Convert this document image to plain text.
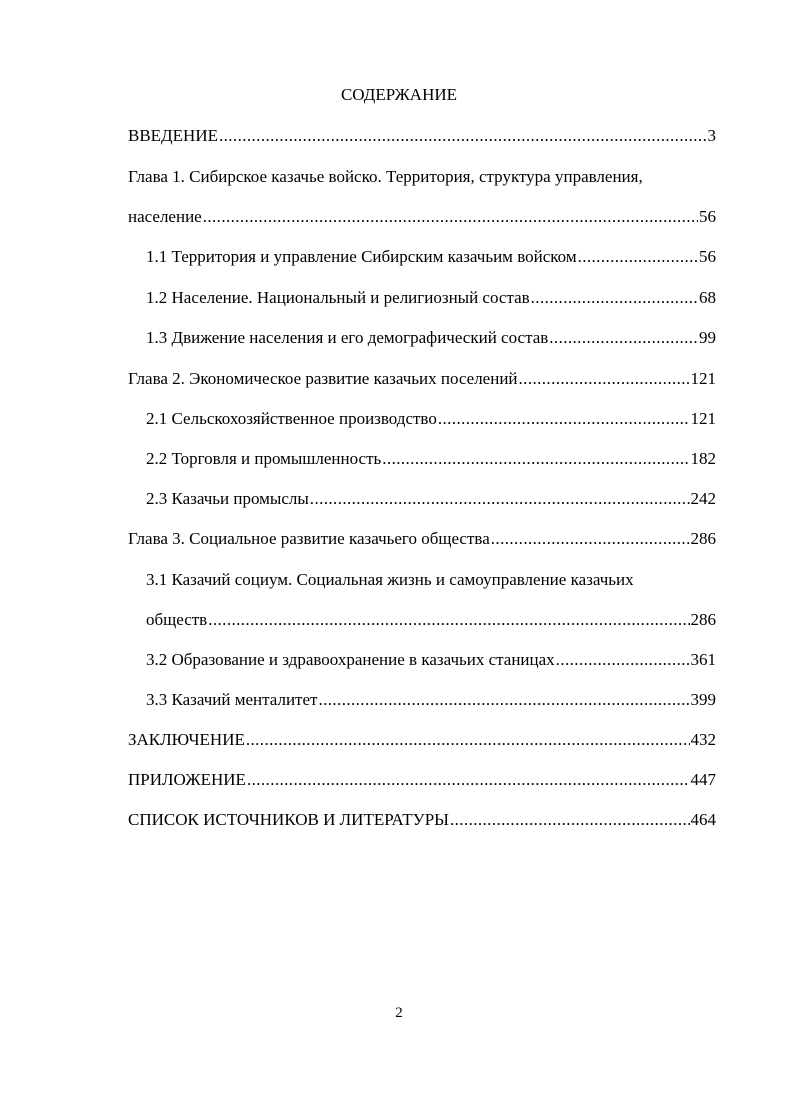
СОДЕРЖАНИЕ
ВВЕДЕНИЕ .....	3
Глава 1. Сибирское казачье войско. Территория, структура управления,
население .....	56
1.1 Территория и управление Сибирским казачьим войском .....	56
1.2 Население. Национальный и религиозный состав .....	68
1.3 Движение населения и его демографический состав .....	99
Глава 2. Экономическое развитие казачьих поселений .....	121
2.1 Сельскохозяйственное производство .....	121
2.2 Торговля и промышленность .....	182
2.3 Казачьи промыслы .....	242
Глава 3. Социальное развитие казачьего общества .....	286
3.1 Казачий социум. Социальная жизнь и самоуправление казачьих
обществ .....	286
3.2 Образование и здравоохранение в казачьих станицах .....	361
3.3 Казачий менталитет .....	399
ЗАКЛЮЧЕНИЕ .....	432
ПРИЛОЖЕНИЕ .....	447
СПИСОК ИСТОЧНИКОВ И ЛИТЕРАТУРЫ .....	464
2
